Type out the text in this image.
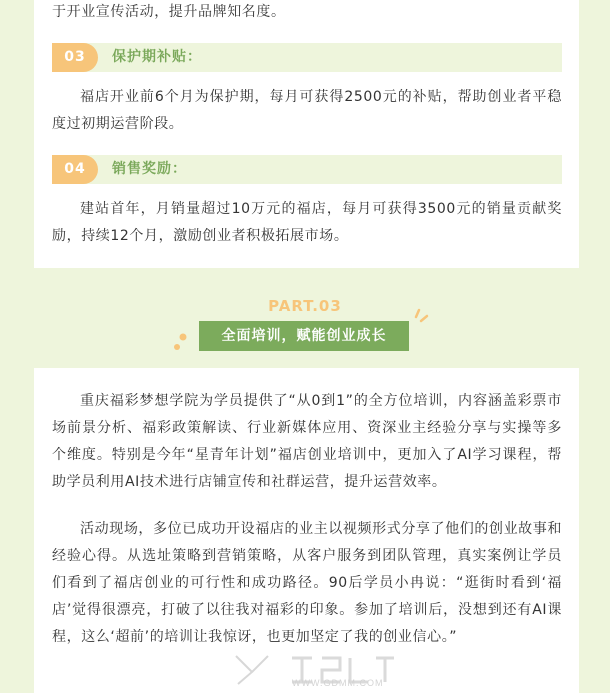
于开业宣传活动，提升品牌知名度。
03	保护期补贴：
福店开业前6个月为保护期，每月可获得2500元的补贴，帮助创业者平稳度过初期运营阶段。
04	销售奖励：
建站首年，月销量超过10万元的福店，每月可获得3500元的销量贡献奖励，持续12个月，激励创业者积极拓展市场。
PART.03
全面培训，赋能创业成长
重庆福彩梦想学院为学员提供了“从0到1”的全方位培训，内容涵盖彩票市场前景分析、福彩政策解读、行业新媒体应用、资深业主经验分享与实操等多个维度。特别是今年“星青年计划”福店创业培训中，更加入了AI学习课程，帮助学员利用AI技术进行店铺宣传和社群运营，提升运营效率。
活动现场，多位已成功开设福店的业主以视频形式分享了他们的创业故事和经验心得。从选址策略到营销策略，从客户服务到团队管理，真实案例让学员们看到了福店创业的可行性和成功路径。90后学员小冉说：“逛街时看到‘福店’觉得很漂亮，打破了以往我对福彩的印象。参加了培训后，没想到还有AI课程，这么‘超前’的培训让我惊讶，也更加坚定了我的创业信心。”
WWW.GDMM.COM
